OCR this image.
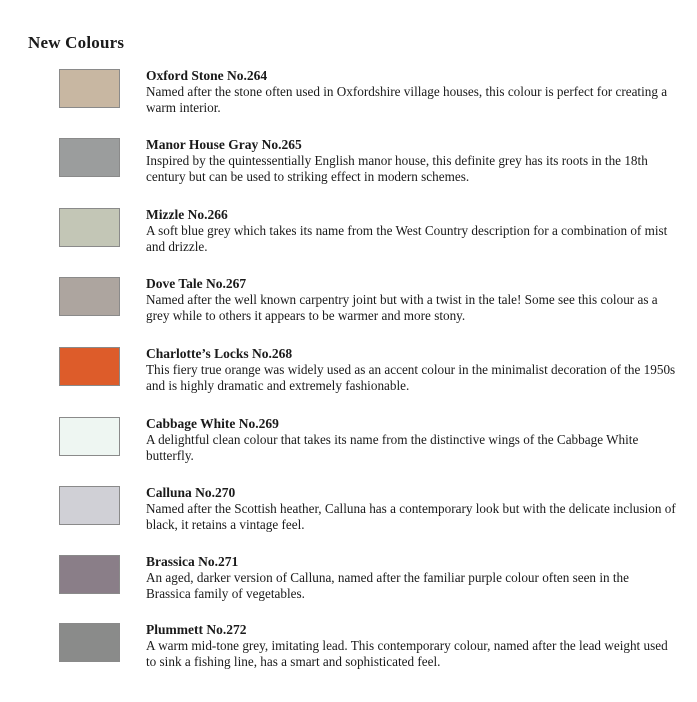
New Colours
Oxford Stone No.264
Named after the stone often used in Oxfordshire village houses, this colour is perfect for creating a warm interior.
Manor House Gray No.265
Inspired by the quintessentially English manor house, this definite grey has its roots in the 18th century but can be used to striking effect in modern schemes.
Mizzle No.266
A soft blue grey which takes its name from the West Country description for a combination of mist and drizzle.
Dove Tale No.267
Named after the well known carpentry joint but with a twist in the tale! Some see this colour as a grey while to others it appears to be warmer and more stony.
Charlotte’s Locks No.268
This fiery true orange was widely used as an accent colour in the minimalist decoration of the 1950s and is highly dramatic and extremely fashionable.
Cabbage White No.269
A delightful clean colour that takes its name from the distinctive wings of the Cabbage White butterfly.
Calluna No.270
Named after the Scottish heather, Calluna has a contemporary look but with the delicate inclusion of black, it retains a vintage feel.
Brassica No.271
An aged, darker version of Calluna, named after the familiar purple colour often seen in the Brassica family of vegetables.
Plummett No.272
A warm mid-tone grey, imitating lead. This contemporary colour, named after the lead weight used to sink a fishing line, has a smart and sophisticated feel.
